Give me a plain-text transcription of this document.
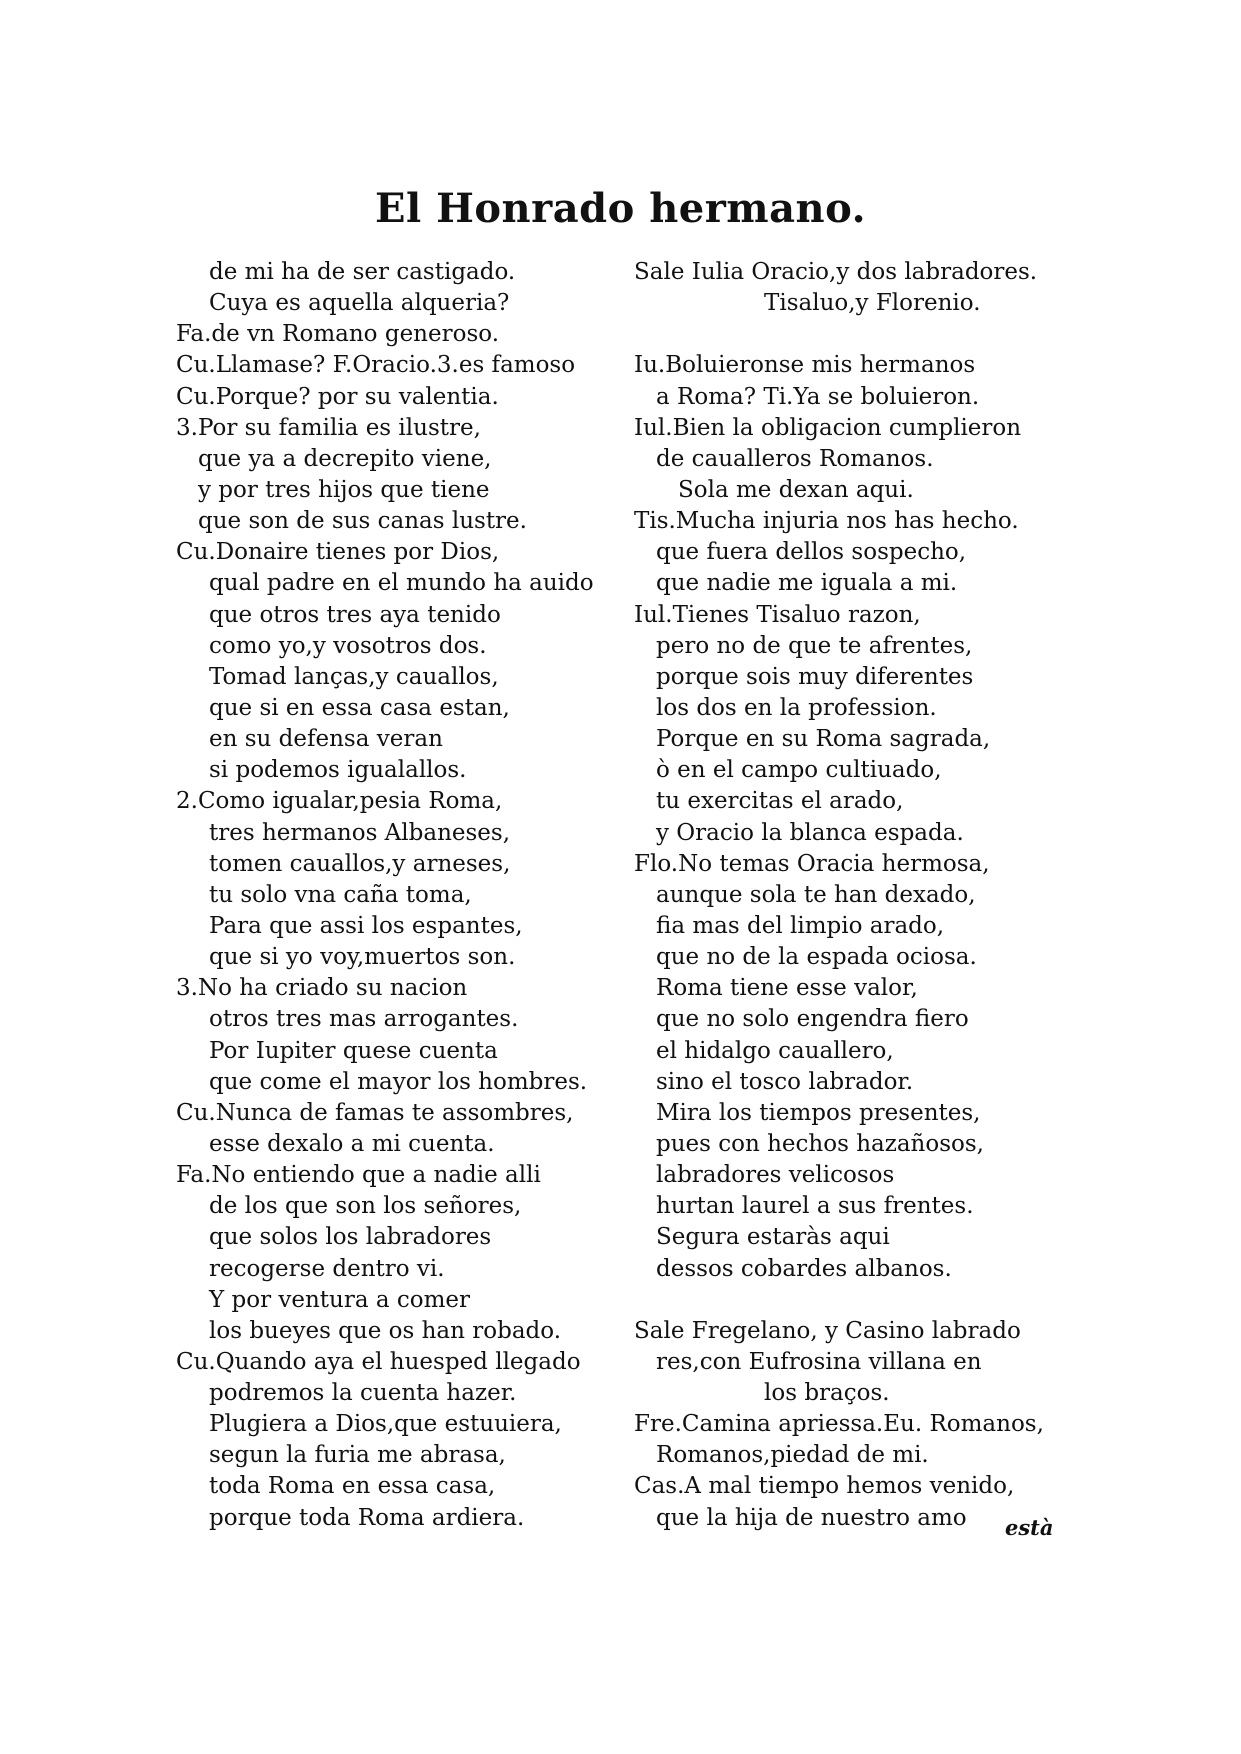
El Honrado hermano.
de mi ha de ser castigado.
Cuya es aquella alqueria?
Fa.de vn Romano generoso.
Cu.Llamase? F.Oracio.3.es famoso
Cu.Porque? por su valentia.
3.Por su familia es ilustre,
que ya a decrepito viene,
y por tres hijos que tiene
que son de sus canas lustre.
Cu.Donaire tienes por Dios,
qual padre en el mundo ha auido
que otros tres aya tenido
como yo,y vosotros dos.
Tomad lanças,y cauallos,
que si en essa casa estan,
en su defensa veran
si podemos igualallos.
2.Como igualar,pesia Roma,
tres hermanos Albaneses,
tomen cauallos,y arneses,
tu solo vna caña toma,
Para que assi los espantes,
que si yo voy,muertos son.
3.No ha criado su nacion
otros tres mas arrogantes.
Por Iupiter quese cuenta
que come el mayor los hombres.
Cu.Nunca de famas te assombres,
esse dexalo a mi cuenta.
Fa.No entiendo que a nadie alli
de los que son los señores,
que solos los labradores
recogerse dentro vi.
Y por ventura a comer
los bueyes que os han robado.
Cu.Quando aya el huesped llegado
podremos la cuenta hazer.
Plugiera a Dios,que estuuiera,
segun la furia me abrasa,
toda Roma en essa casa,
porque toda Roma ardiera.
Sale Iulia Oracio,y dos labradores.
Tisaluo,y Florenio.
Iu.Boluieronse mis hermanos
a Roma? Ti.Ya se boluieron.
Iul.Bien la obligacion cumplieron
de caualleros Romanos.
Sola me dexan aqui.
Tis.Mucha injuria nos has hecho.
que fuera dellos sospecho,
que nadie me iguala a mi.
Iul.Tienes Tisaluo razon,
pero no de que te afrentes,
porque sois muy diferentes
los dos en la profession.
Porque en su Roma sagrada,
ò en el campo cultiuado,
tu exercitas el arado,
y Oracio la blanca espada.
Flo.No temas Oracia hermosa,
aunque sola te han dexado,
fia mas del limpio arado,
que no de la espada ociosa.
Roma tiene esse valor,
que no solo engendra fiero
el hidalgo cauallero,
sino el tosco labrador.
Mira los tiempos presentes,
pues con hechos hazañosos,
labradores velicosos
hurtan laurel a sus frentes.
Segura estaràs aqui
dessos cobardes albanos.
Sale Fregelano, y Casino labrado
res,con Eufrosina villana en
los braços.
Fre.Camina apriessa.Eu. Romanos,
Romanos,piedad de mi.
Cas.A mal tiempo hemos venido,
que la hija de nuestro amo	està
